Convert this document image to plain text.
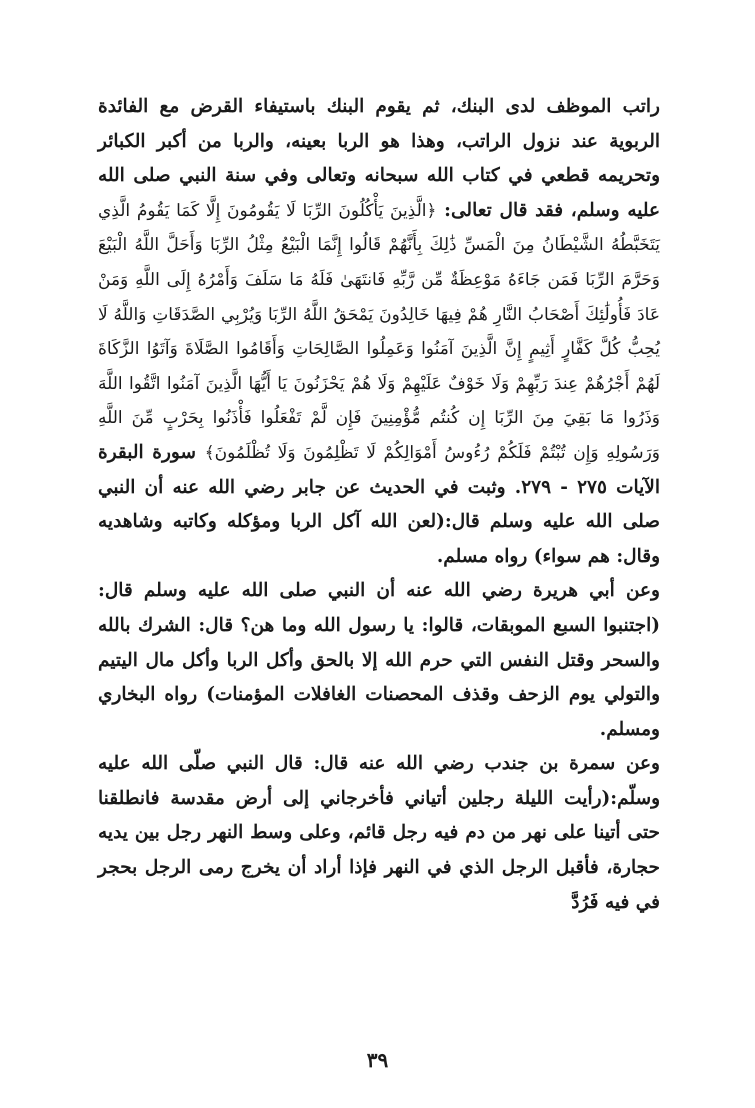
راتب الموظف لدى البنك، ثم يقوم البنك باستيفاء القرض مع الفائدة الربوية عند نزول الراتب، وهذا هو الربا بعينه، والربا من أكبر الكبائر وتحريمه قطعي في كتاب الله سبحانه وتعالى وفي سنة النبي صلى الله عليه وسلم، فقد قال تعالى: ﴿الَّذِينَ يَأْكُلُونَ الرِّبَا لَا يَقُومُونَ إِلَّا كَمَا يَقُومُ الَّذِي يَتَخَبَّطُهُ الشَّيْطَانُ مِنَ الْمَسِّ ذَٰلِكَ بِأَنَّهُمْ قَالُوا إِنَّمَا الْبَيْعُ مِثْلُ الرِّبَا وَأَحَلَّ اللَّهُ الْبَيْعَ وَحَرَّمَ الرِّبَا فَمَن جَاءَهُ مَوْعِظَةٌ مِّن رَّبِّهِ فَانتَهَىٰ فَلَهُ مَا سَلَفَ وَأَمْرُهُ إِلَى اللَّهِ وَمَنْ عَادَ فَأُولَٰئِكَ أَصْحَابُ النَّارِ هُمْ فِيهَا خَالِدُونَ يَمْحَقُ اللَّهُ الرِّبَا وَيُرْبِي الصَّدَقَاتِ وَاللَّهُ لَا يُحِبُّ كُلَّ كَفَّارٍ أَثِيمٍ إِنَّ الَّذِينَ آمَنُوا وَعَمِلُوا الصَّالِحَاتِ وَأَقَامُوا الصَّلَاةَ وَآتَوُا الزَّكَاةَ لَهُمْ أَجْرُهُمْ عِندَ رَبِّهِمْ وَلَا خَوْفٌ عَلَيْهِمْ وَلَا هُمْ يَحْزَنُونَ يَا أَيُّهَا الَّذِينَ آمَنُوا اتَّقُوا اللَّهَ وَذَرُوا مَا بَقِيَ مِنَ الرِّبَا إِن كُنتُم مُّؤْمِنِينَ فَإِن لَّمْ تَفْعَلُوا فَأْذَنُوا بِحَرْبٍ مِّنَ اللَّهِ وَرَسُولِهِ وَإِن تُبْتُمْ فَلَكُمْ رُءُوسُ أَمْوَالِكُمْ لَا تَظْلِمُونَ وَلَا تُظْلَمُونَ﴾ سورة البقرة الآيات ٢٧٥ - ٢٧٩. وثبت في الحديث عن جابر رضي الله عنه أن النبي صلى الله عليه وسلم قال:(لعن الله آكل الربا ومؤكله وكاتبه وشاهديه وقال: هم سواء) رواه مسلم.

وعن أبي هريرة رضي الله عنه أن النبي صلى الله عليه وسلم قال:(اجتنبوا السبع الموبقات، قالوا: يا رسول الله وما هن؟ قال: الشرك بالله والسحر وقتل النفس التي حرم الله إلا بالحق وأكل الربا وأكل مال اليتيم والتولي يوم الزحف وقذف المحصنات الغافلات المؤمنات) رواه البخاري ومسلم.

وعن سمرة بن جندب رضي الله عنه قال: قال النبي صلّى الله عليه وسلّم:(رأيت الليلة رجلين أتياني فأخرجاني إلى أرض مقدسة فانطلقنا حتى أتينا على نهر من دم فيه رجل قائم، وعلى وسط النهر رجل بين يديه حجارة، فأقبل الرجل الذي في النهر فإذا أراد أن يخرج رمى الرجل بحجر في فيه فَرُدَّ

٣٩
